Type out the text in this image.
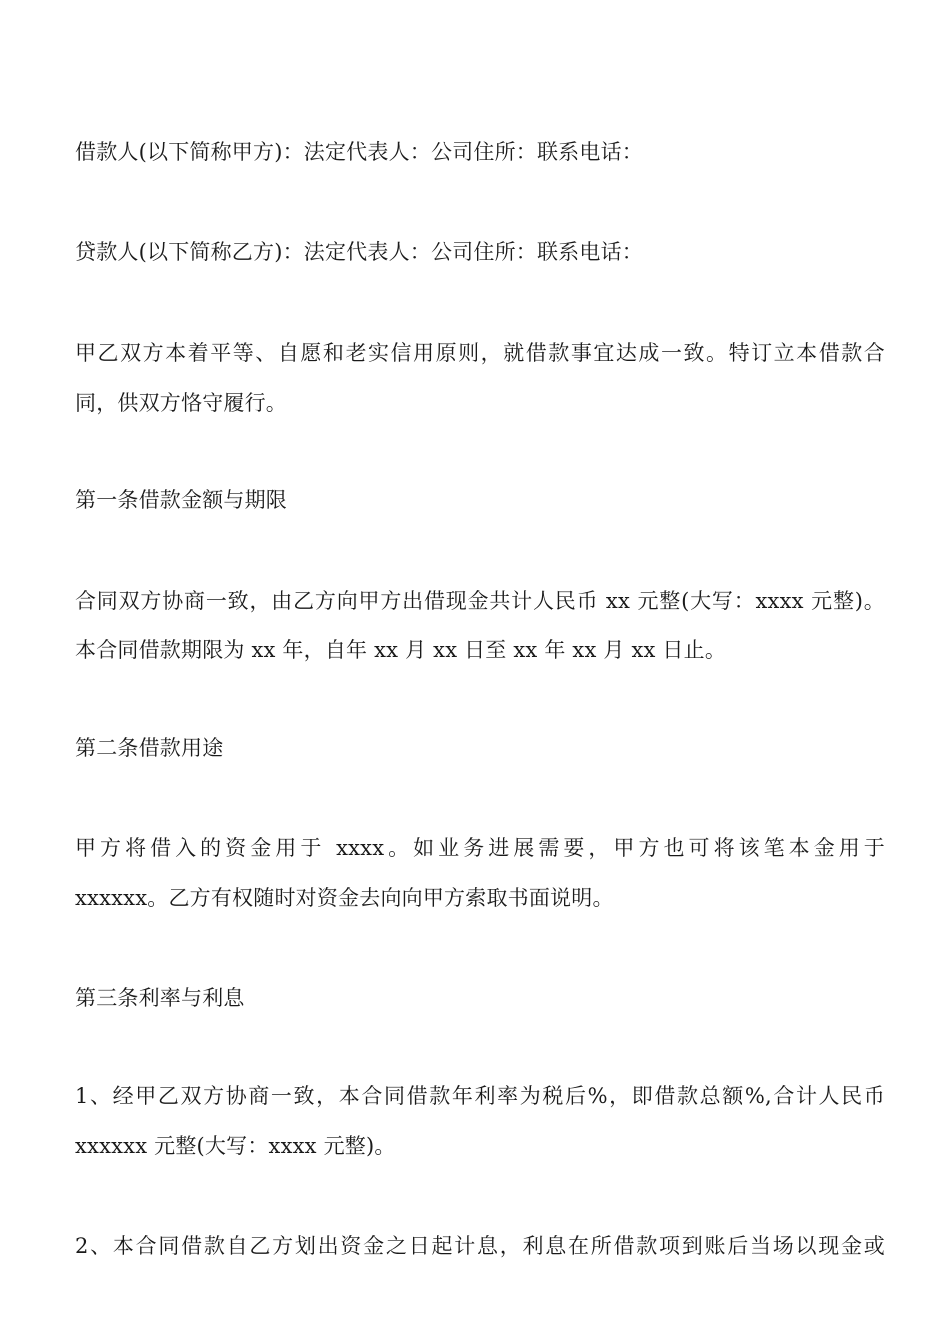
借款人(以下简称甲方)：法定代表人：公司住所：联系电话：
贷款人(以下简称乙方)：法定代表人：公司住所：联系电话：
甲乙双方本着平等、自愿和老实信用原则，就借款事宜达成一致。特订立本借款合
同，供双方恪守履行。
第一条借款金额与期限
合同双方协商一致，由乙方向甲方出借现金共计人民币 xx 元整(大写：xxxx 元整)。
本合同借款期限为 xx 年，自年 xx 月 xx 日至 xx 年 xx 月 xx 日止。
第二条借款用途
甲方将借入的资金用于 xxxx。如业务进展需要，甲方也可将该笔本金用于
xxxxxx。乙方有权随时对资金去向向甲方索取书面说明。
第三条利率与利息
1、经甲乙双方协商一致，本合同借款年利率为税后%，即借款总额%,合计人民币
xxxxxx 元整(大写：xxxx 元整)。
2、本合同借款自乙方划出资金之日起计息，利息在所借款项到账后当场以现金或
